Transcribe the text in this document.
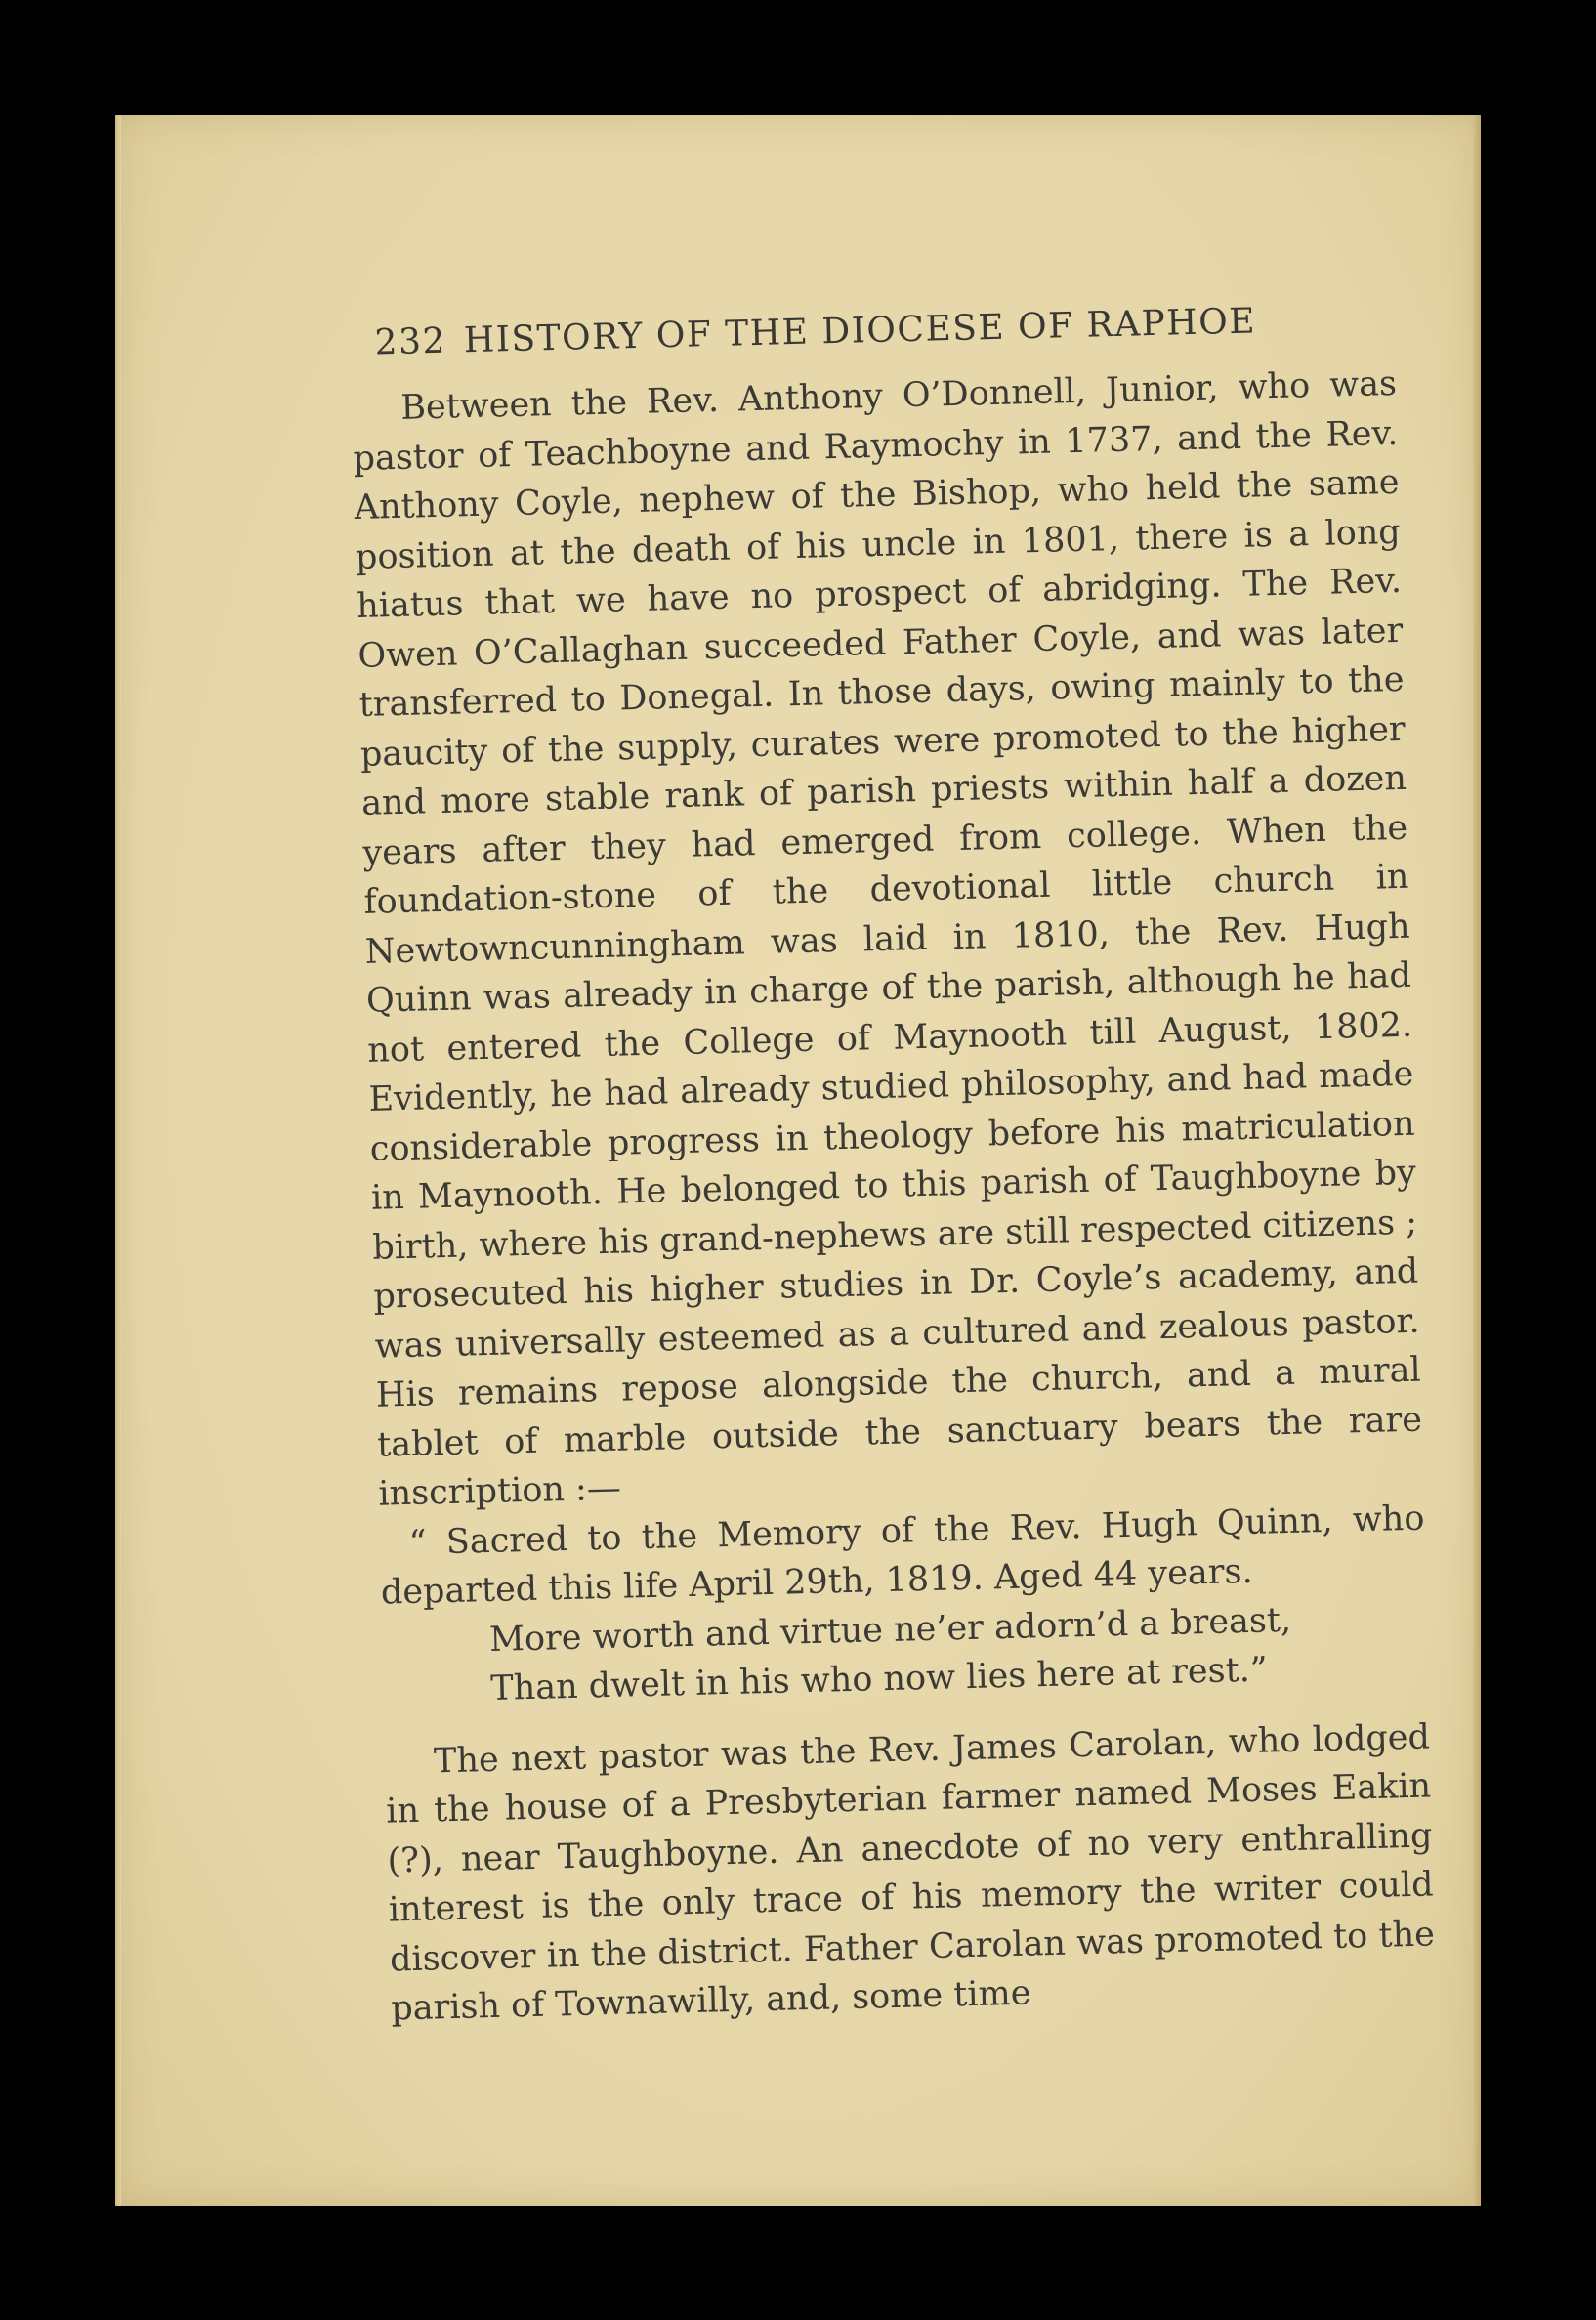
232 HISTORY OF THE DIOCESE OF RAPHOE

Between the Rev. Anthony O’Donnell, Junior, who was pastor of Teachboyne and Raymochy in 1737, and the Rev. Anthony Coyle, nephew of the Bishop, who held the same position at the death of his uncle in 1801, there is a long hiatus that we have no prospect of abridging. The Rev. Owen O’Callaghan succeeded Father Coyle, and was later transferred to Donegal. In those days, owing mainly to the paucity of the supply, curates were promoted to the higher and more stable rank of parish priests within half a dozen years after they had emerged from college. When the foundation-stone of the devotional little church in Newtowncunningham was laid in 1810, the Rev. Hugh Quinn was already in charge of the parish, although he had not entered the College of Maynooth till August, 1802. Evidently, he had already studied philosophy, and had made considerable progress in theology before his matriculation in Maynooth. He belonged to this parish of Taughboyne by birth, where his grand-nephews are still respected citizens ; prosecuted his higher studies in Dr. Coyle’s academy, and was universally esteemed as a cultured and zealous pastor. His remains repose alongside the church, and a mural tablet of marble outside the sanctuary bears the rare inscription :—

“ Sacred to the Memory of the Rev. Hugh Quinn, who departed this life April 29th, 1819. Aged 44 years.

More worth and virtue ne’er adorn’d a breast,

Than dwelt in his who now lies here at rest.”

The next pastor was the Rev. James Carolan, who lodged in the house of a Presbyterian farmer named Moses Eakin (?), near Taughboyne. An anecdote of no very enthralling interest is the only trace of his memory the writer could discover in the district. Father Carolan was promoted to the parish of Townawilly, and, some time
